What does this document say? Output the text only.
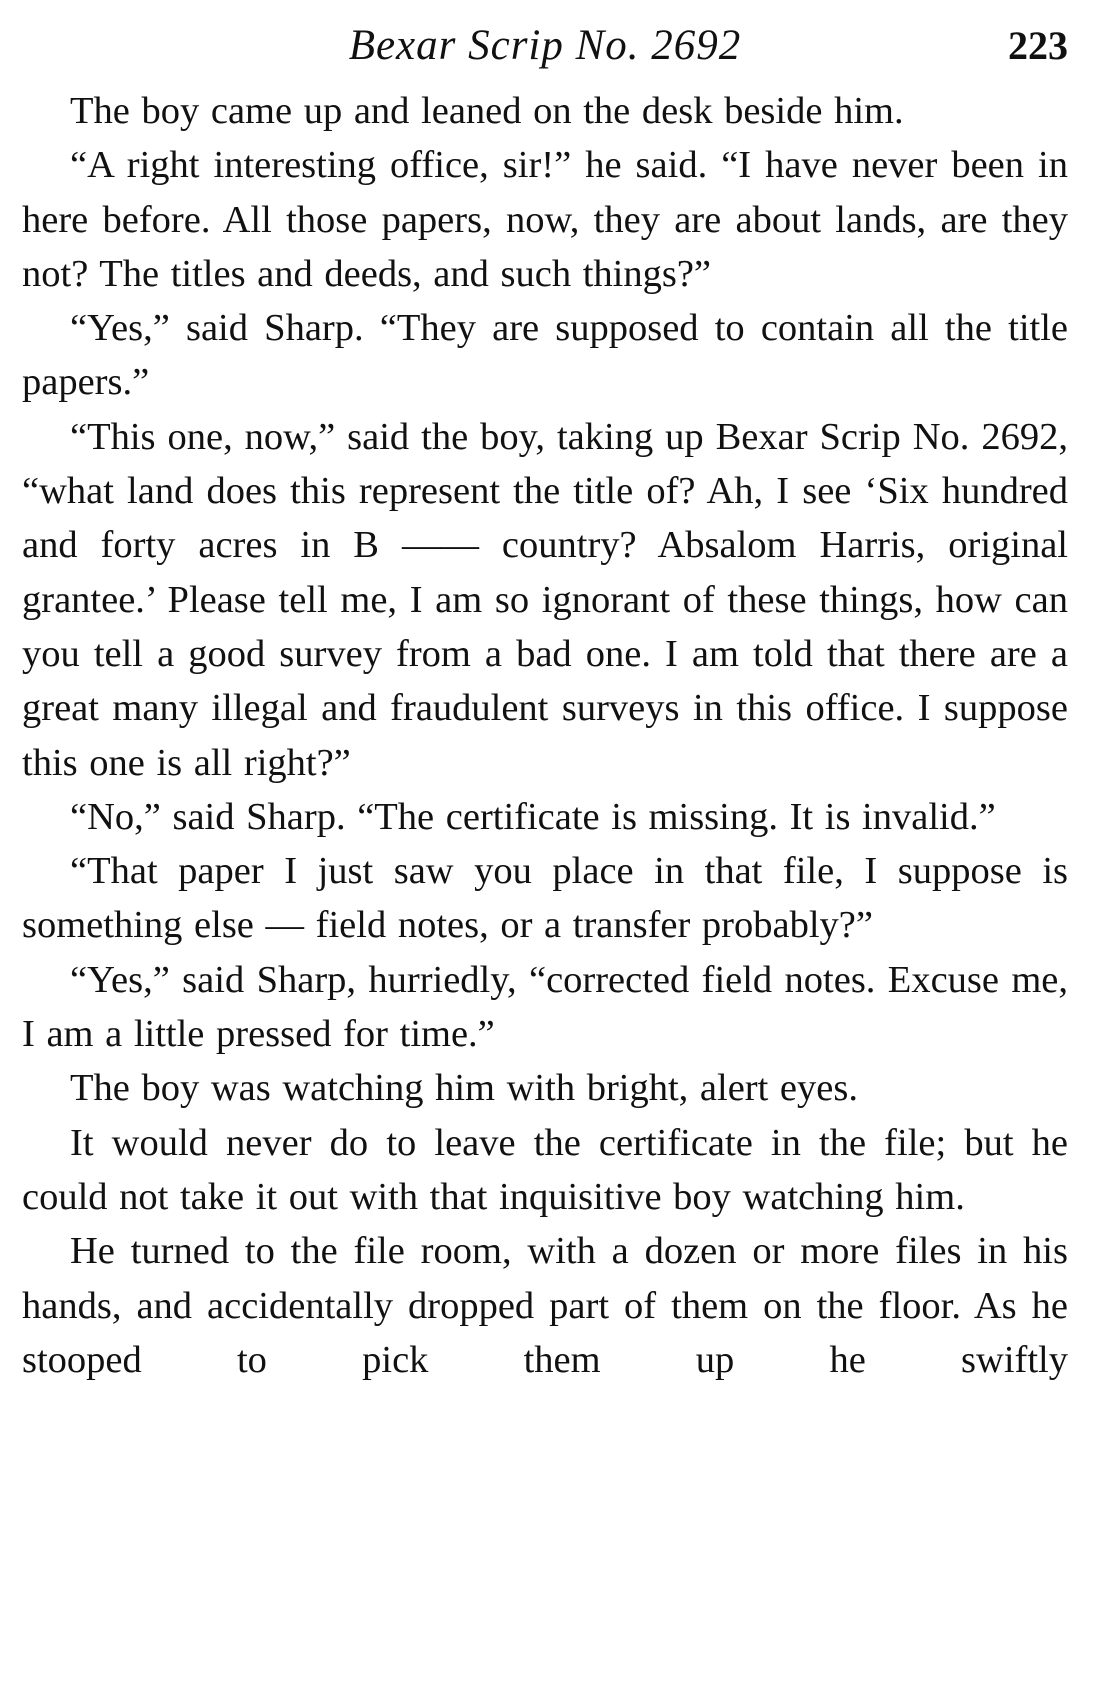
Bexar Scrip No. 2692	223

The boy came up and leaned on the desk beside him.

“A right interesting office, sir!” he said. “I have never been in here before. All those papers, now, they are about lands, are they not? The titles and deeds, and such things?”

“Yes,” said Sharp. “They are supposed to contain all the title papers.”

“This one, now,” said the boy, taking up Bexar Scrip No. 2692, “what land does this represent the title of? Ah, I see ‘Six hundred and forty acres in B —— country? Absalom Harris, original grantee.’ Please tell me, I am so ignorant of these things, how can you tell a good survey from a bad one. I am told that there are a great many illegal and fraudulent surveys in this office. I suppose this one is all right?”

“No,” said Sharp. “The certificate is missing. It is invalid.”

“That paper I just saw you place in that file, I suppose is something else — field notes, or a transfer probably?”

“Yes,” said Sharp, hurriedly, “corrected field notes. Excuse me, I am a little pressed for time.”

The boy was watching him with bright, alert eyes.

It would never do to leave the certificate in the file; but he could not take it out with that inquisitive boy watching him.

He turned to the file room, with a dozen or more files in his hands, and accidentally dropped part of them on the floor. As he stooped to pick them up he swiftly
